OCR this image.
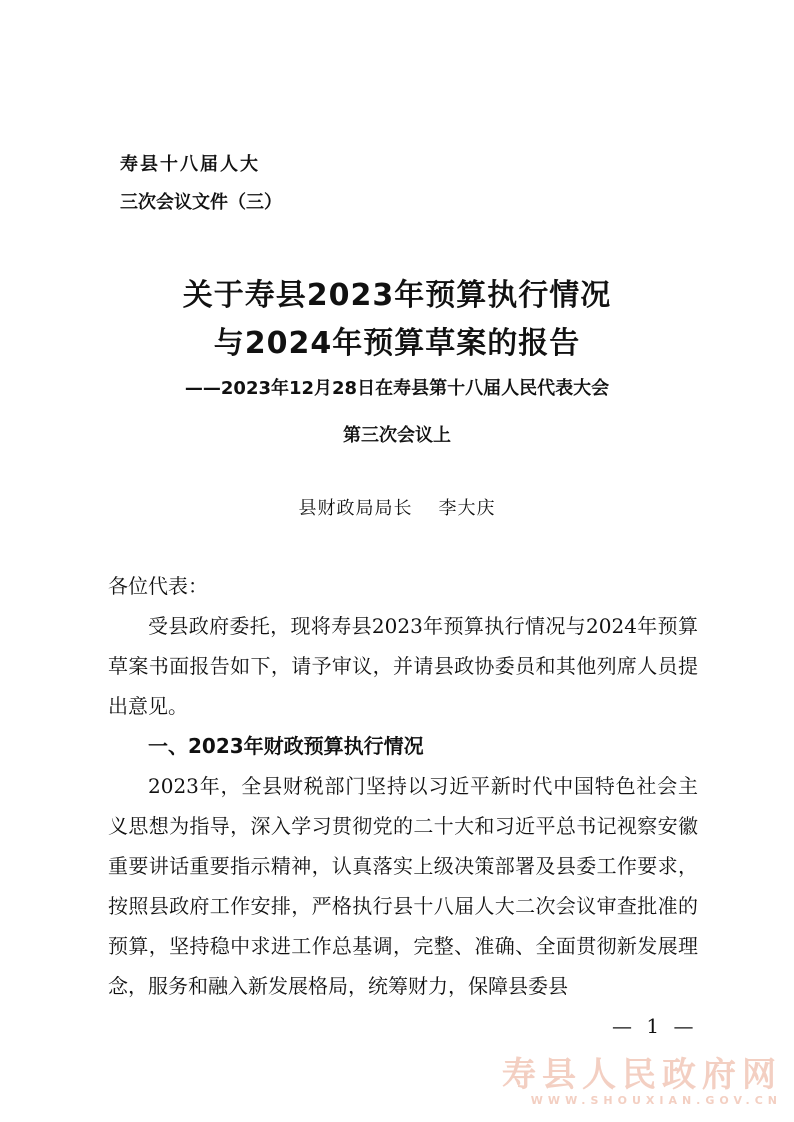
寿县十八届人大
三次会议文件（三）
关于寿县2023年预算执行情况
与2024年预算草案的报告
——2023年12月28日在寿县第十八届人民代表大会
第三次会议上
县财政局局长 李大庆
各位代表：
受县政府委托，现将寿县2023年预算执行情况与2024年预算草案书面报告如下，请予审议，并请县政协委员和其他列席人员提出意见。
一、2023年财政预算执行情况
2023年，全县财税部门坚持以习近平新时代中国特色社会主义思想为指导，深入学习贯彻党的二十大和习近平总书记视察安徽重要讲话重要指示精神，认真落实上级决策部署及县委工作要求，按照县政府工作安排，严格执行县十八届人大二次会议审查批准的预算，坚持稳中求进工作总基调，完整、准确、全面贯彻新发展理念，服务和融入新发展格局，统筹财力，保障县委县
— 1 —
寿县人民政府网
WWW.SHOUXIAN.GOV.CN
